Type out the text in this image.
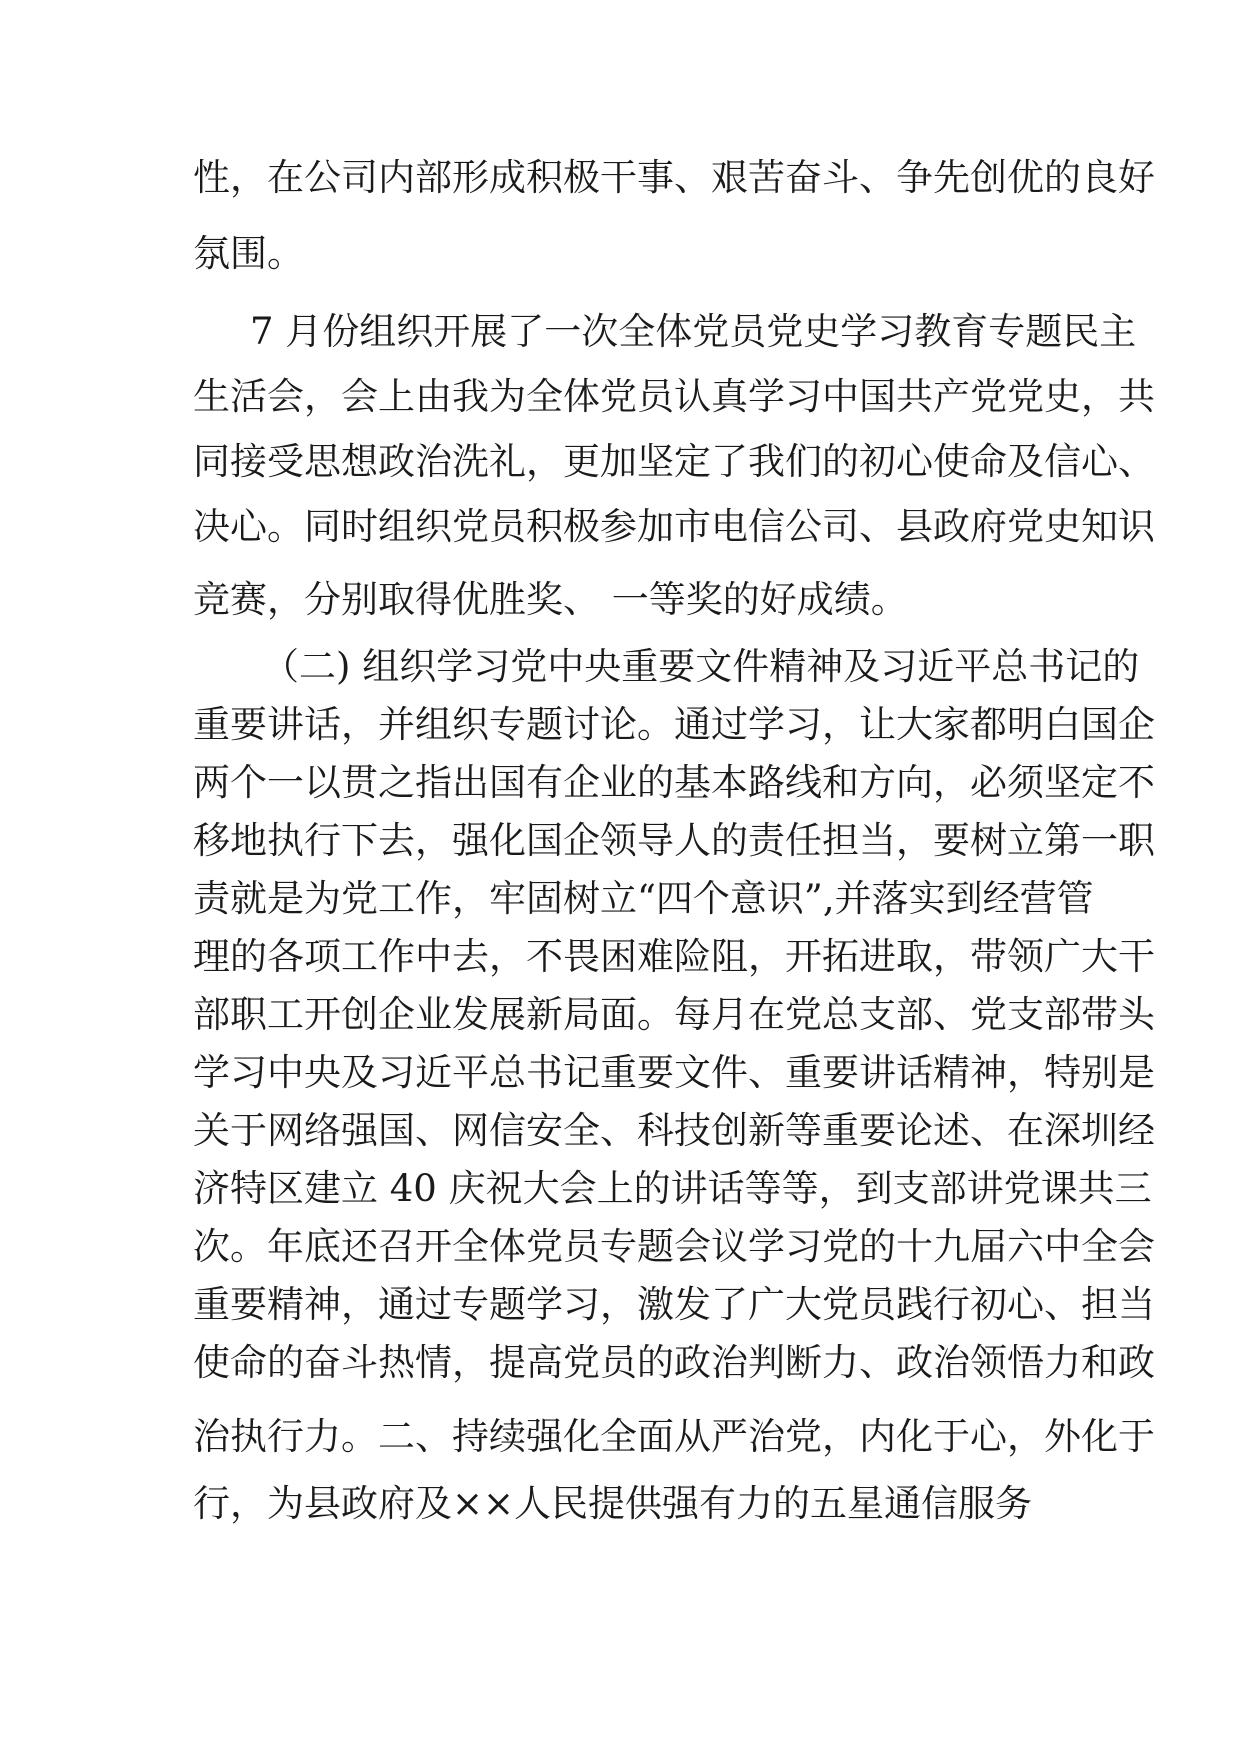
性，在公司内部形成积极干事、艰苦奋斗、争先创优的良好
氛围。
7 月份组织开展了一次全体党员党史学习教育专题民主
生活会，会上由我为全体党员认真学习中国共产党党史，共
同接受思想政治洗礼，更加坚定了我们的初心使命及信心、
决心。同时组织党员积极参加市电信公司、县政府党史知识
竞赛，分别取得优胜奖、 一等奖的好成绩。
（二) 组织学习党中央重要文件精神及习近平总书记的
重要讲话，并组织专题讨论。通过学习，让大家都明白国企
两个一以贯之指出国有企业的基本路线和方向，必须坚定不
移地执行下去，强化国企领导人的责任担当，要树立第一职
责就是为党工作，牢固树立“四个意识”,并落实到经营管
理的各项工作中去，不畏困难险阻，开拓进取，带领广大干
部职工开创企业发展新局面。每月在党总支部、党支部带头
学习中央及习近平总书记重要文件、重要讲话精神，特别是
关于网络强国、网信安全、科技创新等重要论述、在深圳经
济特区建立 40 庆祝大会上的讲话等等，到支部讲党课共三
次。年底还召开全体党员专题会议学习党的十九届六中全会
重要精神，通过专题学习，激发了广大党员践行初心、担当
使命的奋斗热情，提高党员的政治判断力、政治领悟力和政
治执行力。二、持续强化全面从严治党，内化于心，外化于
行，为县政府及××人民提供强有力的五星通信服务
